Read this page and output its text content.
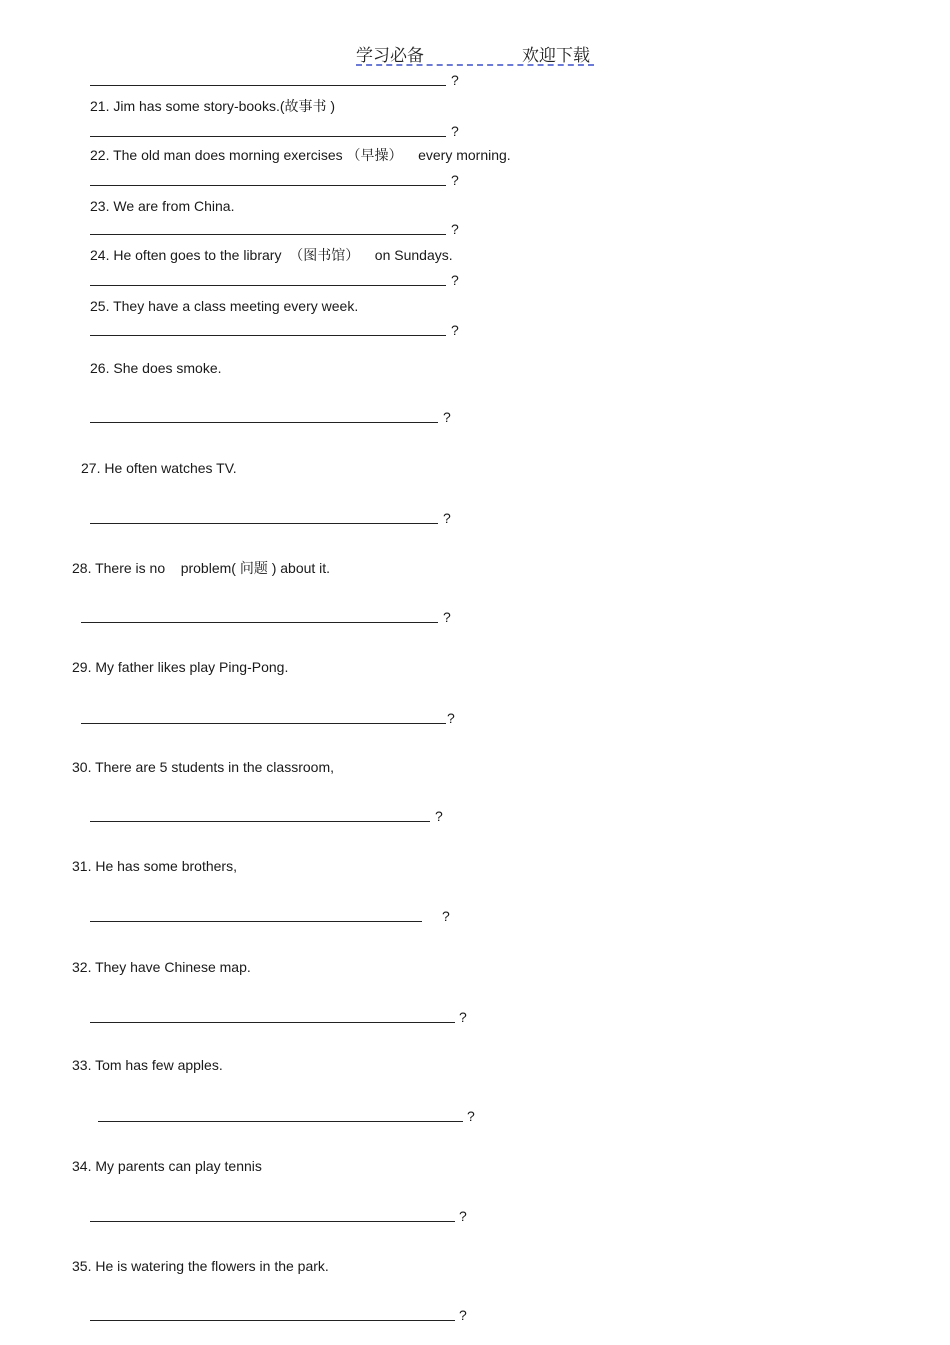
学习必备	欢迎下载
?
21. Jim has some story-books.(故事书 )
?
22. The old man does morning exercises （早操）    every morning.
?
23. We are from China.
?
24. He often goes to the library  （图书馆）    on Sundays.
?
25. They have a class meeting every week.
?
26. She does smoke.
?
27. He often watches TV.
?
28. There is no    problem( 问题 ) about it.
?
29. My father likes play Ping-Pong.
?
30. There are 5 students in the classroom,
?
31. He has some brothers,
?
32. They have Chinese map.
?
33. Tom has few apples.
?
34. My parents can play tennis
?
35. He is watering the flowers in the park.
?
